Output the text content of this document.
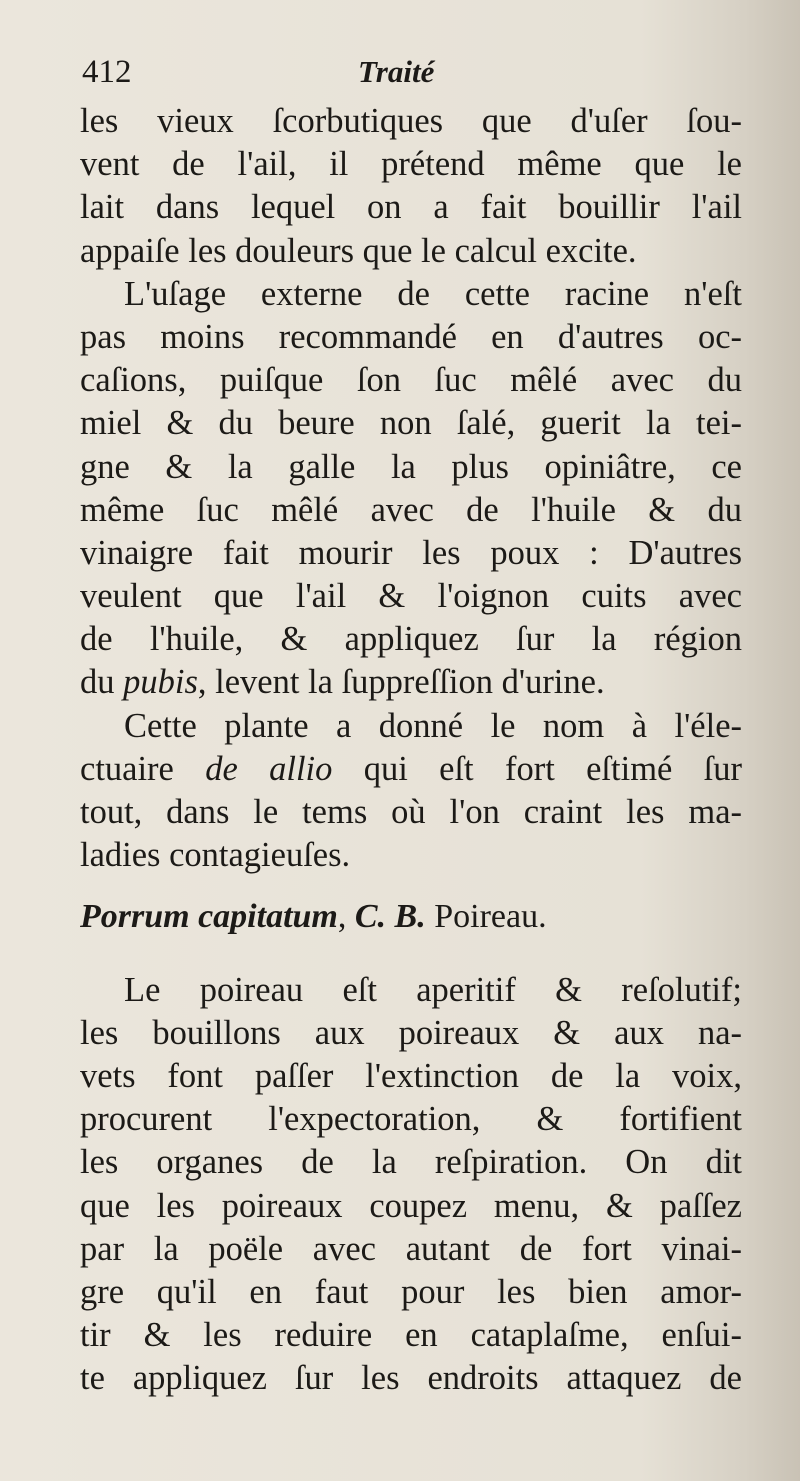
412	Traité
les vieux ſcorbutiques que d'uſer ſou-
vent de l'ail, il prétend même que le
lait dans lequel on a fait bouillir l'ail
appaiſe les douleurs que le calcul excite.
L'uſage externe de cette racine n'eſt
pas moins recommandé en d'autres oc-
caſions, puiſque ſon ſuc mêlé avec du
miel & du beure non ſalé, guerit la tei-
gne & la galle la plus opiniâtre, ce
même ſuc mêlé avec de l'huile & du
vinaigre fait mourir les poux : D'autres
veulent que l'ail & l'oignon cuits avec
de l'huile, & appliquez ſur la région
du pubis, levent la ſuppreſſion d'urine.
Cette plante a donné le nom à l'éle-
ctuaire de allio qui eſt fort eſtimé ſur
tout, dans le tems où l'on craint les ma-
ladies contagieuſes.
Porrum capitatum, C. B. Poireau.
Le poireau eſt aperitif & reſolutif;
les bouillons aux poireaux & aux na-
vets font paſſer l'extinction de la voix,
procurent l'expectoration, & fortifient
les organes de la reſpiration. On dit
que les poireaux coupez menu, & paſſez
par la poële avec autant de fort vinai-
gre qu'il en faut pour les bien amor-
tir & les reduire en cataplaſme, enſui-
te appliquez ſur les endroits attaquez de
